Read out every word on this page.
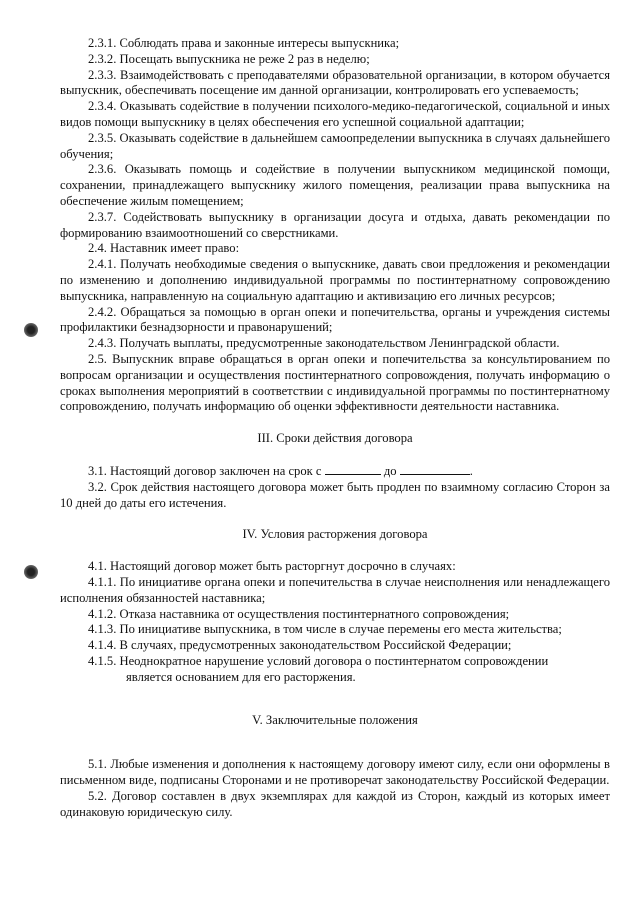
2.3.1. Соблюдать права и законные интересы выпускника;

2.3.2. Посещать выпускника не реже 2 раз в неделю;

2.3.3. Взаимодействовать с преподавателями образовательной организации, в котором обучается выпускник, обеспечивать посещение им данной организации, контролировать его успеваемость;

2.3.4. Оказывать содействие в получении психолого-медико-педагогической, социальной и иных видов помощи выпускнику в целях обеспечения его успешной социальной адаптации;

2.3.5. Оказывать содействие в дальнейшем самоопределении выпускника в случаях дальнейшего обучения;

2.3.6. Оказывать помощь и содействие в получении выпускником медицинской помощи, сохранении, принадлежащего выпускнику жилого помещения, реализации права выпускника на обеспечение жилым помещением;

2.3.7. Содействовать выпускнику в организации досуга и отдыха, давать рекомендации по формированию взаимоотношений со сверстниками.

2.4. Наставник имеет право:

2.4.1. Получать необходимые сведения о выпускнике, давать свои предложения и рекомендации по изменению и дополнению индивидуальной программы по постинтернатному сопровождению выпускника, направленную на социальную адаптацию и активизацию его личных ресурсов;

2.4.2. Обращаться за помощью в орган опеки и попечительства, органы и учреждения системы профилактики безнадзорности и правонарушений;

2.4.3. Получать выплаты, предусмотренные законодательством Ленинградской области.

2.5. Выпускник вправе обращаться в орган опеки и попечительства за консультированием по вопросам организации и осуществления постинтернатного сопровождения, получать информацию о сроках выполнения мероприятий в соответствии с индивидуальной программы по постинтернатному сопровождению, получать информацию об оценки эффективности деятельности наставника.

III. Сроки действия договора

3.1. Настоящий договор заключен на срок с	до	.

3.2. Срок действия настоящего договора может быть продлен по взаимному согласию Сторон за 10 дней до даты его истечения.

IV. Условия расторжения договора

4.1. Настоящий договор может быть расторгнут досрочно в случаях:

4.1.1. По инициативе органа опеки и попечительства в случае неисполнения или ненадлежащего исполнения обязанностей наставника;

4.1.2. Отказа наставника от осуществления постинтернатного сопровождения;

4.1.3. По инициативе выпускника, в том числе в случае перемены его места жительства;

4.1.4. В случаях, предусмотренных законодательством Российской Федерации;

4.1.5. Неоднократное нарушение условий договора о постинтернатом сопровождении

является основанием для его расторжения.

V. Заключительные положения

5.1. Любые изменения и дополнения к настоящему договору имеют силу, если они оформлены в письменном виде, подписаны Сторонами и не противоречат законодательству Российской Федерации.

5.2. Договор составлен в двух экземплярах для каждой из Сторон, каждый из которых имеет одинаковую юридическую силу.
